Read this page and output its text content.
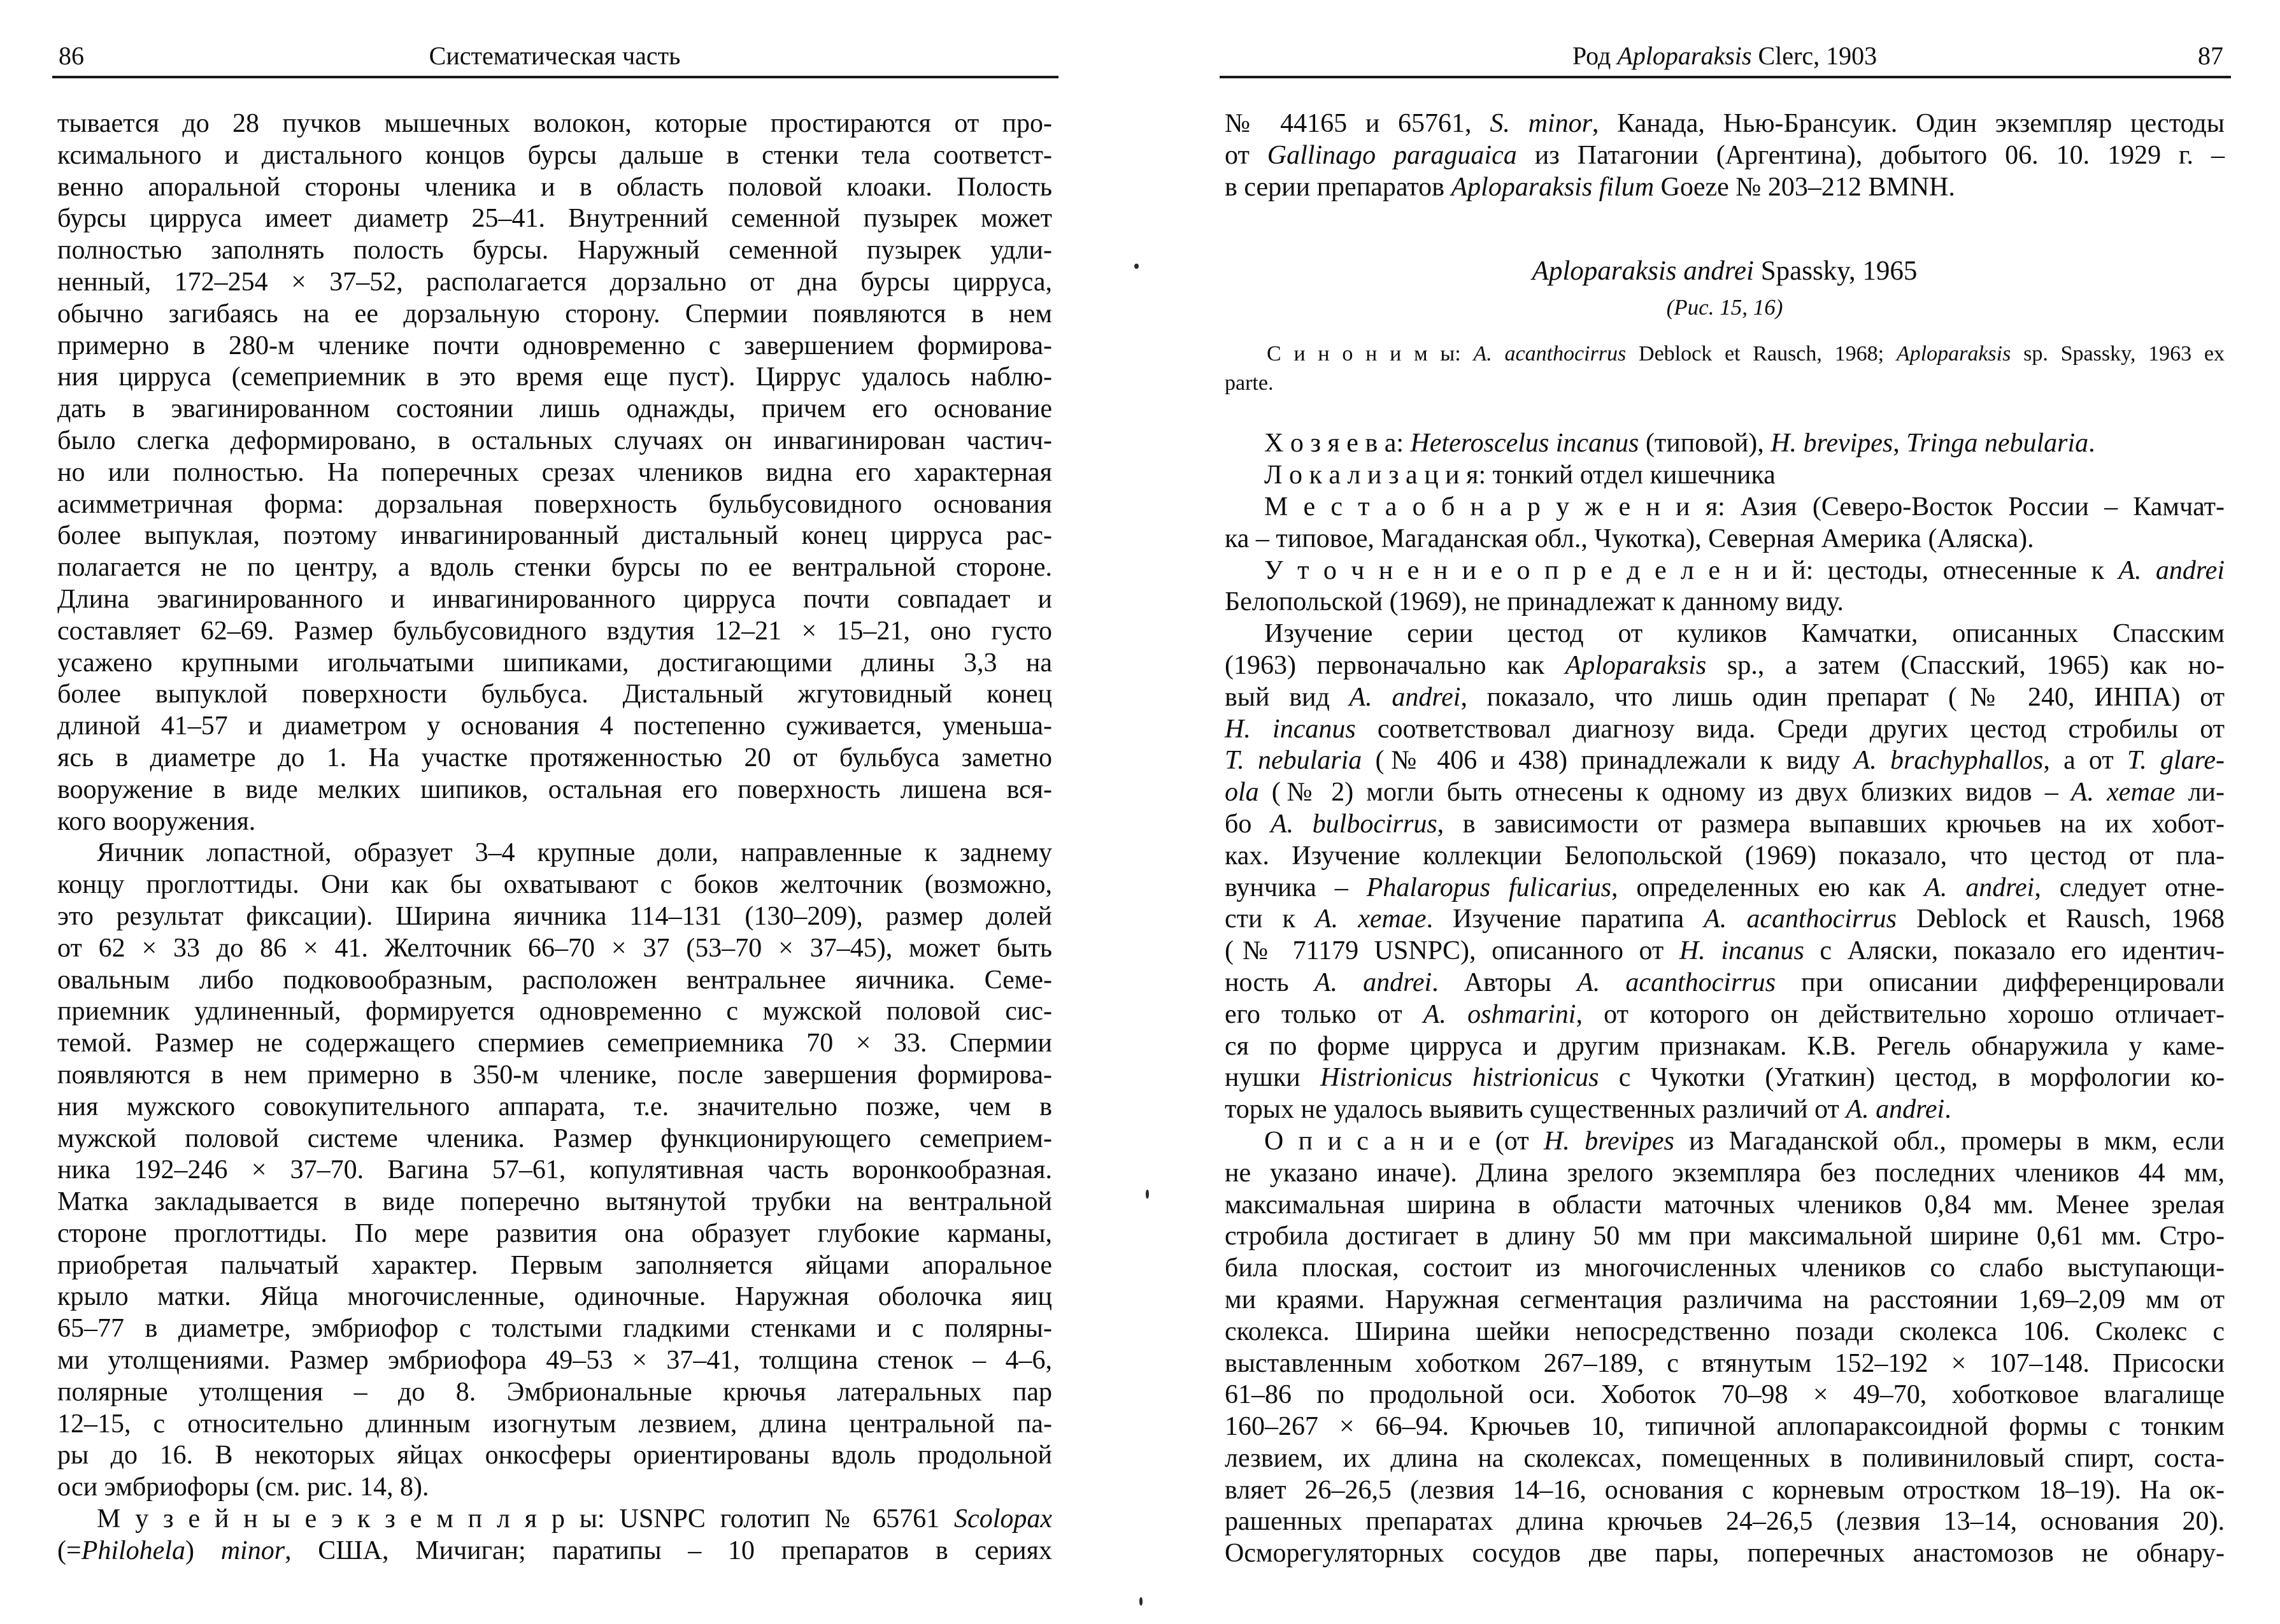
86	Систематическая часть
тывается до 28 пучков мышечных волокон, которые простираются от про-
ксимального и дистального концов бурсы дальше в стенки тела соответст-
венно апоральной стороны членика и в область половой клоаки. Полость
бурсы цирруса имеет диаметр 25–41. Внутренний семенной пузырек может
полностью заполнять полость бурсы. Наружный семенной пузырек удли-
ненный, 172–254 × 37–52, располагается дорзально от дна бурсы цирруса,
обычно загибаясь на ее дорзальную сторону. Спермии появляются в нем
примерно в 280-м членике почти одновременно с завершением формирова-
ния цирруса (семеприемник в это время еще пуст). Циррус удалось наблю-
дать в эвагинированном состоянии лишь однажды, причем его основание
было слегка деформировано, в остальных случаях он инвагинирован частич-
но или полностью. На поперечных срезах члеников видна его характерная
асимметричная форма: дорзальная поверхность бульбусовидного основания
более выпуклая, поэтому инвагинированный дистальный конец цирруса рас-
полагается не по центру, а вдоль стенки бурсы по ее вентральной стороне.
Длина эвагинированного и инвагинированного цирруса почти совпадает и
составляет 62–69. Размер бульбусовидного вздутия 12–21 × 15–21, оно густо
усажено крупными игольчатыми шипиками, достигающими длины 3,3 на
более выпуклой поверхности бульбуса. Дистальный жгутовидный конец
длиной 41–57 и диаметром у основания 4 постепенно суживается, уменьша-
ясь в диаметре до 1. На участке протяженностью 20 от бульбуса заметно
вооружение в виде мелких шипиков, остальная его поверхность лишена вся-
кого вооружения.
Яичник лопастной, образует 3–4 крупные доли, направленные к заднему
концу проглоттиды. Они как бы охватывают с боков желточник (возможно,
это результат фиксации). Ширина яичника 114–131 (130–209), размер долей
от 62 × 33 до 86 × 41. Желточник 66–70 × 37 (53–70 × 37–45), может быть
овальным либо подковообразным, расположен вентральнее яичника. Семе-
приемник удлиненный, формируется одновременно с мужской половой сис-
темой. Размер не содержащего спермиев семеприемника 70 × 33. Спермии
появляются в нем примерно в 350-м членике, после завершения формирова-
ния мужского совокупительного аппарата, т.е. значительно позже, чем в
мужской половой системе членика. Размер функционирующего семеприем-
ника 192–246 × 37–70. Вагина 57–61, копулятивная часть воронкообразная.
Матка закладывается в виде поперечно вытянутой трубки на вентральной
стороне проглоттиды. По мере развития она образует глубокие карманы,
приобретая пальчатый характер. Первым заполняется яйцами апоральное
крыло матки. Яйца многочисленные, одиночные. Наружная оболочка яиц
65–77 в диаметре, эмбриофор с толстыми гладкими стенками и с полярны-
ми утолщениями. Размер эмбриофора 49–53 × 37–41, толщина стенок – 4–6,
полярные утолщения – до 8. Эмбриональные крючья латеральных пар
12–15, с относительно длинным изогнутым лезвием, длина центральной па-
ры до 16. В некоторых яйцах онкосферы ориентированы вдоль продольной
оси эмбриофоры (см. рис. 14, 8).
М у з е й н ы е э к з е м п л я р ы: USNPC голотип № 65761 Scolopax
(=Philohela) minor, США, Мичиган; паратипы – 10 препаратов в сериях
87
Род Aploparaksis Clerc, 1903
№ 44165 и 65761, S. minor, Канада, Нью-Брансуик. Один экземпляр цестоды
от Gallinago paraguaica из Патагонии (Аргентина), добытого 06. 10. 1929 г. –
в серии препаратов Aploparaksis filum Goeze № 203–212 BMNH.
Aploparaksis andrei Spassky, 1965
(Рис. 15, 16)
С и н о н и м ы: A. acanthocirrus Deblock et Rausch, 1968; Aploparaksis sp. Spassky, 1963 ex
parte.
Х о з я е в а: Heteroscelus incanus (типовой), H. brevipes, Tringa nebularia.
Л о к а л и з а ц и я: тонкий отдел кишечника
М е с т а о б н а р у ж е н и я: Азия (Северо-Восток России – Камчат-
ка – типовое, Магаданская обл., Чукотка), Северная Америка (Аляска).
У т о ч н е н и е о п р е д е л е н и й: цестоды, отнесенные к A. andrei
Белопольской (1969), не принадлежат к данному виду.
Изучение серии цестод от куликов Камчатки, описанных Спасским
(1963) первоначально как Aploparaksis sp., а затем (Спасский, 1965) как но-
вый вид A. andrei, показало, что лишь один препарат (№ 240, ИНПА) от
H. incanus соответствовал диагнозу вида. Среди других цестод стробилы от
T. nebularia (№ 406 и 438) принадлежали к виду A. brachyphallos, а от T. glare-
ola (№ 2) могли быть отнесены к одному из двух близких видов – A. xemae ли-
бо A. bulbocirrus, в зависимости от размера выпавших крючьев на их хобот-
ках. Изучение коллекции Белопольской (1969) показало, что цестод от пла-
вунчика – Phalaropus fulicarius, определенных ею как A. andrei, следует отне-
сти к A. xemae. Изучение паратипа A. acanthocirrus Deblock et Rausch, 1968
(№ 71179 USNPC), описанного от H. incanus с Аляски, показало его идентич-
ность A. andrei. Авторы A. acanthocirrus при описании дифференцировали
его только от A. oshmarini, от которого он действительно хорошо отличает-
ся по форме цирруса и другим признакам. К.В. Регель обнаружила у каме-
нушки Histrionicus histrionicus с Чукотки (Угаткин) цестод, в морфологии ко-
торых не удалось выявить существенных различий от A. andrei.
О п и с а н и е (от H. brevipes из Магаданской обл., промеры в мкм, если
не указано иначе). Длина зрелого экземпляра без последних члеников 44 мм,
максимальная ширина в области маточных члеников 0,84 мм. Менее зрелая
стробила достигает в длину 50 мм при максимальной ширине 0,61 мм. Стро-
била плоская, состоит из многочисленных члеников со слабо выступающи-
ми краями. Наружная сегментация различима на расстоянии 1,69–2,09 мм от
сколекса. Ширина шейки непосредственно позади сколекса 106. Сколекс с
выставленным хоботком 267–189, с втянутым 152–192 × 107–148. Присоски
61–86 по продольной оси. Хоботок 70–98 × 49–70, хоботковое влагалище
160–267 × 66–94. Крючьев 10, типичной аплопараксоидной формы с тонким
лезвием, их длина на сколексах, помещенных в поливиниловый спирт, соста-
вляет 26–26,5 (лезвия 14–16, основания с корневым отростком 18–19). На ок-
рашенных препаратах длина крючьев 24–26,5 (лезвия 13–14, основания 20).
Осморегуляторных сосудов две пары, поперечных анастомозов не обнару-
